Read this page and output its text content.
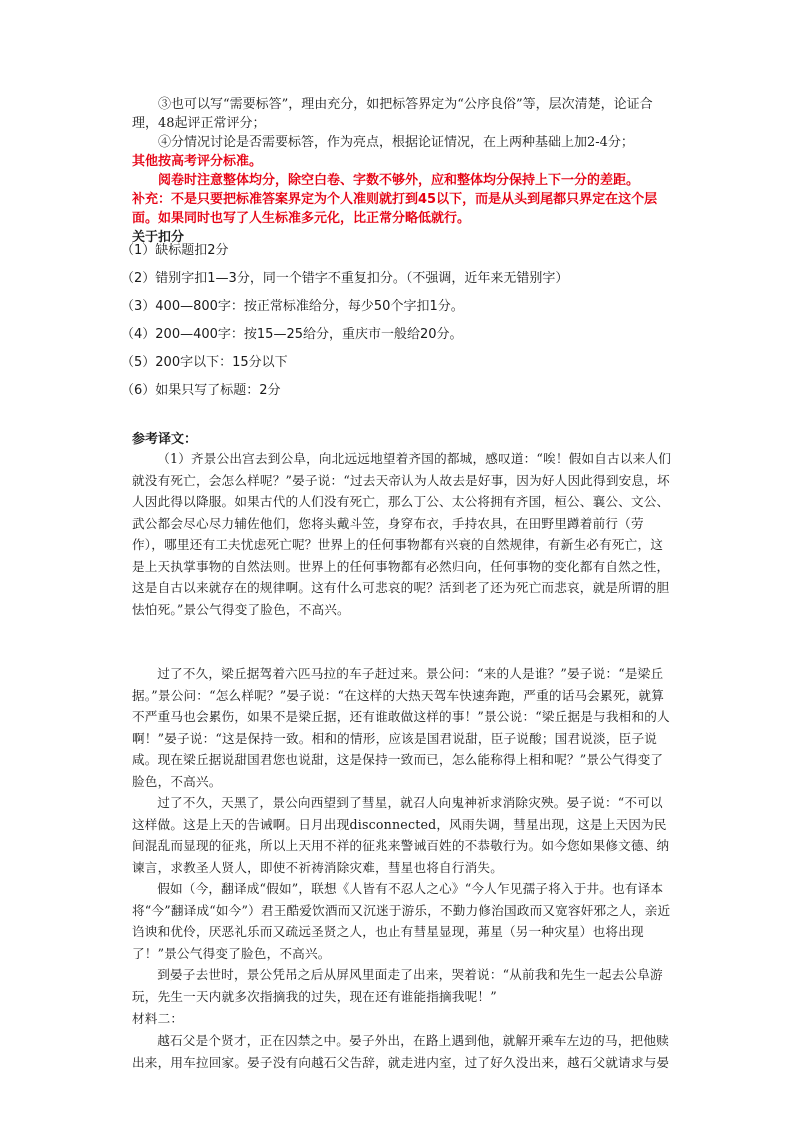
③也可以写“需要标答”，理由充分，如把标答界定为“公序良俗”等，层次清楚，论证合理，48起评正常评分；

④分情况讨论是否需要标答，作为亮点，根据论证情况，在上两种基础上加2-4分；

其他按高考评分标准。

阅卷时注意整体均分，除空白卷、字数不够外，应和整体均分保持上下一分的差距。

补充：不是只要把标准答案界定为个人准则就打到45以下，而是从头到尾都只界定在这个层面。如果同时也写了人生标准多元化，比正常分略低就行。

关于扣分
（1）缺标题扣2分
（2）错别字扣1—3分，同一个错字不重复扣分。（不强调，近年来无错别字）
（3）400—800字：按正常标准给分，每少50个字扣1分。
（4）200—400字：按15—25给分，重庆市一般给20分。
（5）200字以下：15分以下
（6）如果只写了标题：2分
参考译文：

（1）齐景公出宫去到公阜，向北远远地望着齐国的都城，感叹道：“唉！假如自古以来人们就没有死亡，会怎么样呢？”晏子说：“过去天帝认为人故去是好事，因为好人因此得到安息，坏人因此得以降服。如果古代的人们没有死亡，那么丁公、太公将拥有齐国，桓公、襄公、文公、武公都会尽心尽力辅佐他们，您将头戴斗笠，身穿布衣，手持农具，在田野里蹲着前行（劳作），哪里还有工夫忧虑死亡呢？世界上的任何事物都有兴衰的自然规律，有新生必有死亡，这是上天执掌事物的自然法则。世界上的任何事物都有必然归向，任何事物的变化都有自然之性，这是自古以来就存在的规律啊。这有什么可悲哀的呢？活到老了还为死亡而悲哀，就是所谓的胆怯怕死。”景公气得变了脸色，不高兴。

过了不久，梁丘据驾着六匹马拉的车子赶过来。景公问：“来的人是谁？”晏子说：“是梁丘据。”景公问：“怎么样呢？”晏子说：“在这样的大热天驾车快速奔跑，严重的话马会累死，就算不严重马也会累伤，如果不是梁丘据，还有谁敢做这样的事！”景公说：“梁丘据是与我相和的人啊！”晏子说：“这是保持一致。相和的情形，应该是国君说甜，臣子说酸；国君说淡，臣子说咸。现在梁丘据说甜国君您也说甜，这是保持一致而已，怎么能称得上相和呢？”景公气得变了脸色，不高兴。

过了不久，天黑了，景公向西望到了彗星，就召人向鬼神祈求消除灾殃。晏子说：“不可以这样做。这是上天的告诫啊。日月出现disconnected，风雨失调，彗星出现，这是上天因为民间混乱而显现的征兆，所以上天用不祥的征兆来警诫百姓的不恭敬行为。如今您如果修文德、纳谏言，求教圣人贤人，即使不祈祷消除灾难，彗星也将自行消失。

假如（今，翻译成“假如”，联想《人皆有不忍人之心》“今人乍见孺子将入于井。也有译本将“今”翻译成“如今”）君王酷爱饮酒而又沉迷于游乐，不勤力修治国政而又宽容奸邪之人，亲近诌谀和优伶，厌恶礼乐而又疏远圣贤之人，也止有彗星显现，茀星（另一种灾星）也将出现了！”景公气得变了脸色，不高兴。

到晏子去世时，景公凭吊之后从屏风里面走了出来，哭着说：“从前我和先生一起去公阜游玩，先生一天内就多次指摘我的过失，现在还有谁能指摘我呢！”

材料二：

越石父是个贤才，正在囚禁之中。晏子外出，在路上遇到他，就解开乘车左边的马，把他赎出来，用车拉回家。晏子没有向越石父告辞，就走进内室，过了好久没出来，越石父就请求与晏
